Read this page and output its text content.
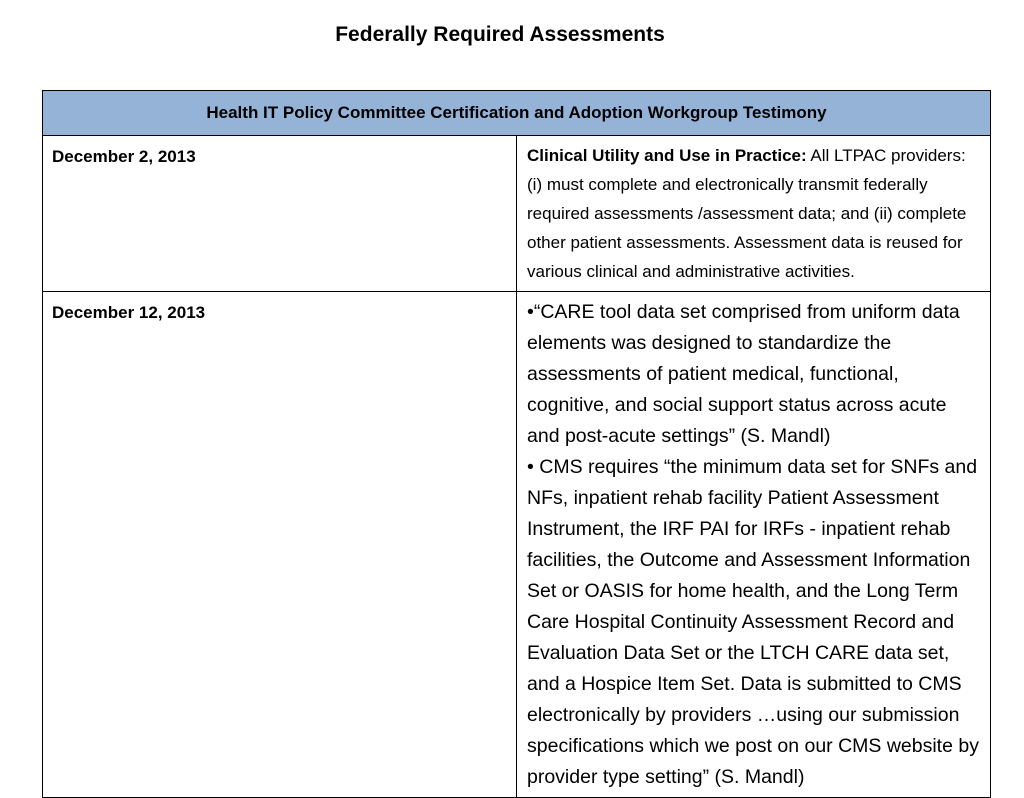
Federally Required Assessments
Health IT Policy Committee Certification and Adoption Workgroup Testimony	
December 2, 2013	Clinical Utility and Use in Practice: All LTPAC providers: (i) must complete and electronically transmit federally required assessments /assessment data; and (ii) complete other patient assessments. Assessment data is reused for various clinical and administrative activities.
December 12, 2013	•“CARE tool data set comprised from uniform data elements was designed to standardize the assessments of patient medical, functional, cognitive, and social support status across acute and post-acute settings” (S. Mandl)
• CMS requires “the minimum data set for SNFs and NFs, inpatient rehab facility Patient Assessment Instrument, the IRF PAI for IRFs - inpatient rehab facilities, the Outcome and Assessment Information Set or OASIS for home health, and the Long Term Care Hospital Continuity Assessment Record and Evaluation Data Set or the LTCH CARE data set, and a Hospice Item Set. Data is submitted to CMS electronically by providers …using our submission specifications which we post on our CMS website by provider type setting” (S. Mandl)
